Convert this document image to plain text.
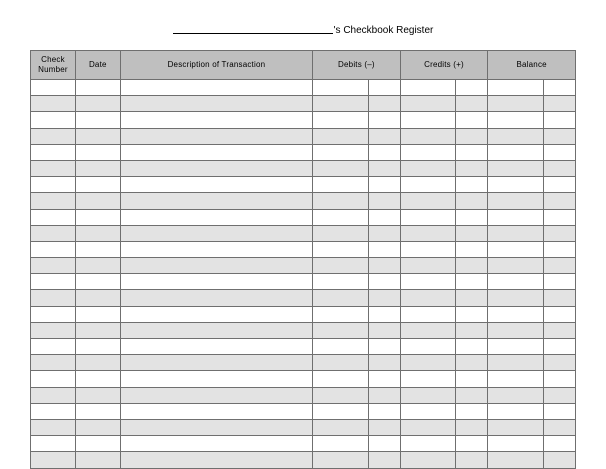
's Checkbook Register
Check Number	Date	Description of Transaction	Debits (–)		Credits (+)		Balance	
